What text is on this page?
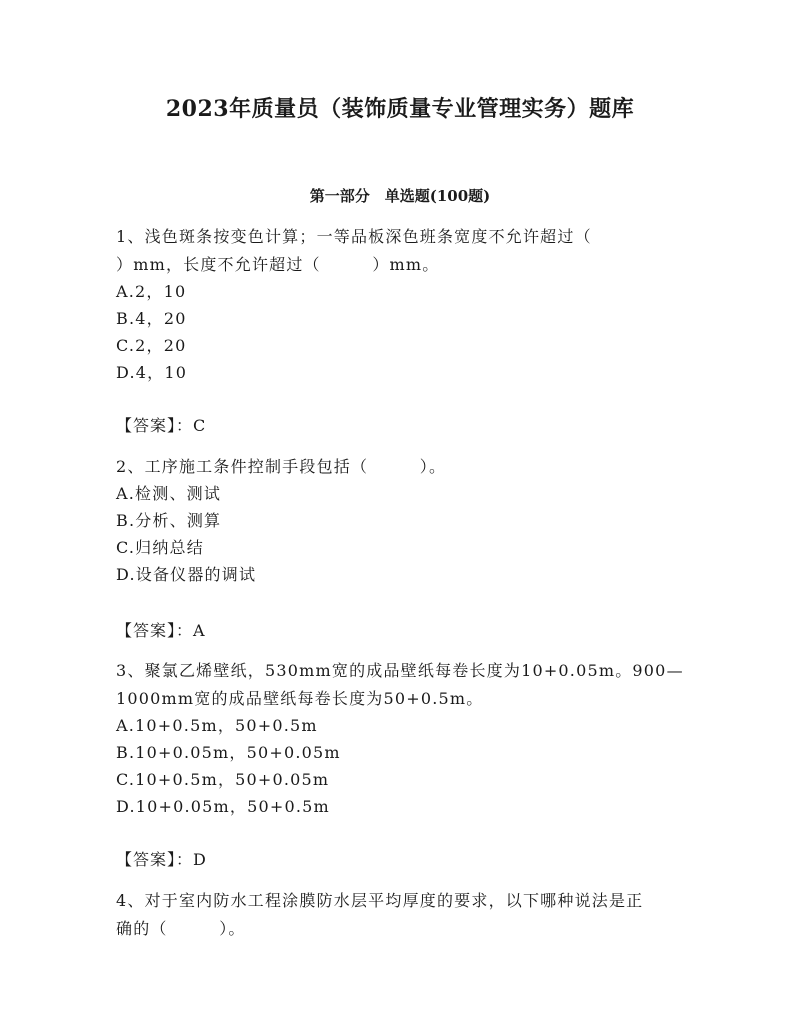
2023年质量员（装饰质量专业管理实务）题库
第一部分　单选题(100题)
1、浅色斑条按变色计算；一等品板深色班条宽度不允许超过（
）mm，长度不允许超过（　　　）mm。
A.2，10
B.4，20
C.2，20
D.4，10
【答案】：C
2、工序施工条件控制手段包括（　　　）。
A.检测、测试
B.分析、测算
C.归纳总结
D.设备仪器的调试
【答案】：A
3、聚氯乙烯壁纸，530mm宽的成品壁纸每卷长度为10+0.05m。900—
1000mm宽的成品壁纸每卷长度为50+0.5m。
A.10+0.5m，50+0.5m
B.10+0.05m，50+0.05m
C.10+0.5m，50+0.05m
D.10+0.05m，50+0.5m
【答案】：D
4、对于室内防水工程涂膜防水层平均厚度的要求，以下哪种说法是正
确的（　　　）。
